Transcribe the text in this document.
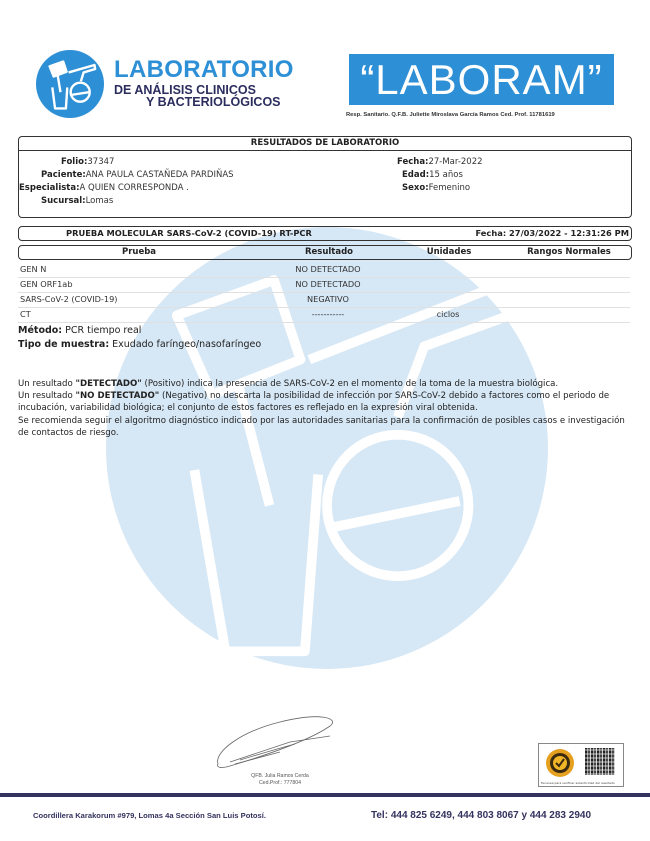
LABORATORIO
DE ANÁLISIS CLINICOS
Y BACTERIOLÓGICOS “LABORAM”
Resp. Sanitario. Q.F.B. Juliette Miroslava García Ramos Ced. Prof. 11781619
RESULTADOS DE LABORATORIO
Folio:37347
Paciente:ANA PAULA CASTAÑEDA PARDIÑAS
Especialista:A QUIEN CORRESPONDA .
Sucursal:Lomas
Fecha:27-Mar-2022
Edad:15 años
Sexo:Femenino
PRUEBA MOLECULAR SARS-CoV-2 (COVID-19) RT-PCR	Fecha: 27/03/2022 - 12:31:26 PM
Prueba	Resultado	Unidades	Rangos Normales
GEN N	NO DETECTADO
GEN ORF1ab	NO DETECTADO
SARS-CoV-2 (COVID-19)	NEGATIVO
CT	-----------	ciclos
Método: PCR tiempo real
Tipo de muestra: Exudado faríngeo/nasofaríngeo

Un resultado "DETECTADO" (Positivo) indica la presencia de SARS-CoV-2 en el momento de la toma de la muestra biológica.

Un resultado "NO DETECTADO" (Negativo) no descarta la posibilidad de infección por SARS-CoV-2 debido a factores como el periodo de incubación, variabilidad biológica; el conjunto de estos factores es reflejado en la expresión viral obtenida.

Se recomienda seguir el algoritmo diagnóstico indicado por las autoridades sanitarias para la confirmación de posibles casos e investigación de contactos de riesgo.

QFB. Julia Ramos Cerda
Ced.Prof.: 777804	Escanea para verificar autenticidad del resultado
Coordillera Karakorum #979, Lomas 4a Sección San Luis Potosí.	Tel: 444 825 6249, 444 803 8067 y 444 283 2940
